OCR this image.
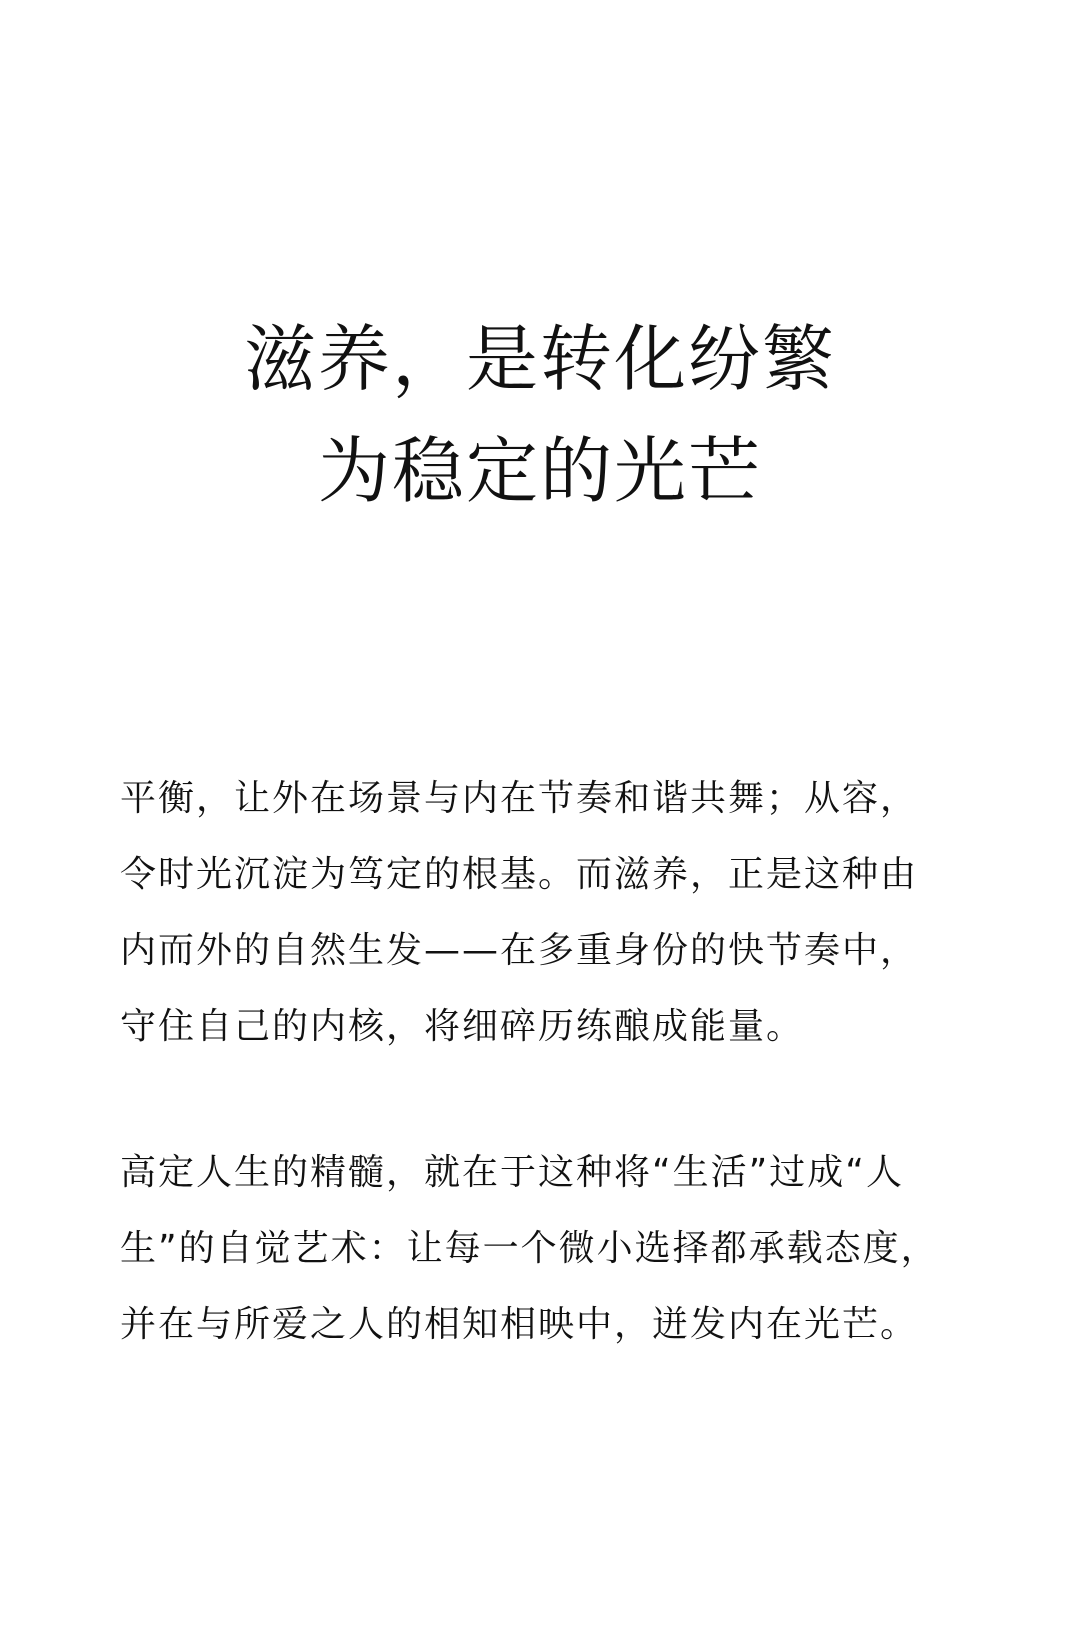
滋养，是转化纷繁
为稳定的光芒
平衡，让外在场景与内在节奏和谐共舞；从容，
令时光沉淀为笃定的根基。而滋养，正是这种由
内而外的自然生发——在多重身份的快节奏中，
守住自己的内核，将细碎历练酿成能量。
高定人生的精髓，就在于这种将“生活”过成“人
生”的自觉艺术：让每一个微小选择都承载态度，
并在与所爱之人的相知相映中，迸发内在光芒。
